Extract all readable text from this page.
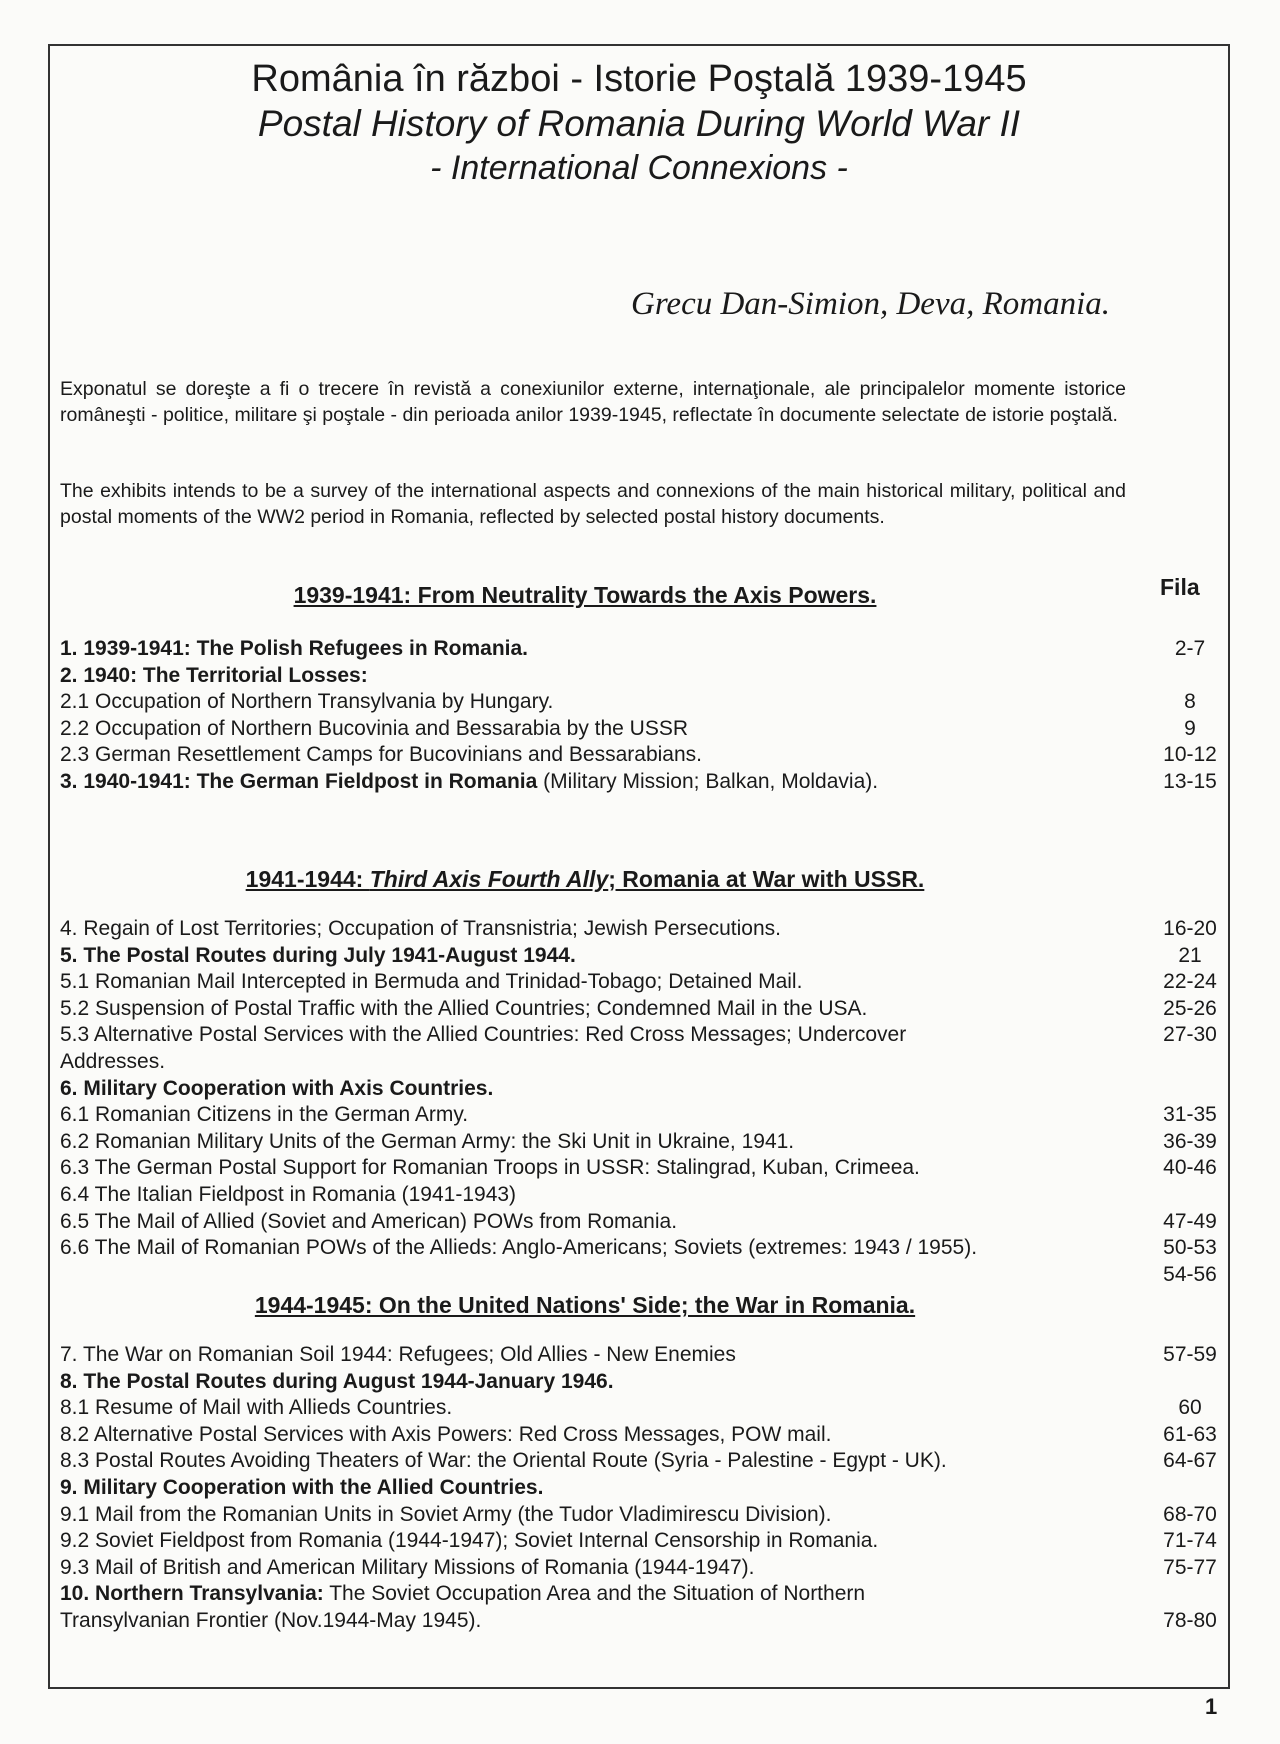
România în război - Istorie Poştală 1939-1945
Postal History of Romania During World War II
- International Connexions -
Grecu Dan-Simion, Deva, Romania.
Exponatul se doreşte a fi o trecere în revistă a conexiunilor externe, internaţionale, ale principalelor momente istorice româneşti - politice, militare şi poştale - din perioada anilor 1939-1945, reflectate în documente selectate de istorie poştală.
The exhibits intends to be a survey of the international aspects and connexions of the main historical military, political and postal moments of the WW2 period in Romania, reflected by selected postal history documents.
1939-1941: From Neutrality Towards the Axis Powers.	Fila
1. 1939-1941: The Polish Refugees in Romania.	2-7
2. 1940: The Territorial Losses:
2.1 Occupation of Northern Transylvania by Hungary.	8
2.2 Occupation of Northern Bucovinia and Bessarabia by the USSR	9
2.3 German Resettlement Camps for Bucovinians and Bessarabians.	10-12
3. 1940-1941: The German Fieldpost in Romania (Military Mission; Balkan, Moldavia).	13-15
1941-1944: Third Axis Fourth Ally; Romania at War with USSR.
4. Regain of Lost Territories; Occupation of Transnistria; Jewish Persecutions.	16-20
5. The Postal Routes during July 1941-August 1944.	21
5.1 Romanian Mail Intercepted in Bermuda and Trinidad-Tobago; Detained Mail.	22-24
5.2 Suspension of Postal Traffic with the Allied Countries; Condemned Mail in the USA.	25-26
5.3 Alternative Postal Services with the Allied Countries: Red Cross Messages; Undercover	27-30
Addresses.
6. Military Cooperation with Axis Countries.
6.1 Romanian Citizens in the German Army.	31-35
6.2 Romanian Military Units of the German Army: the Ski Unit in Ukraine, 1941.	36-39
6.3 The German Postal Support for Romanian Troops in USSR: Stalingrad, Kuban, Crimeea.	40-46
6.4 The Italian Fieldpost in Romania (1941-1943)
6.5 The Mail of Allied (Soviet and American) POWs from Romania.	47-49
6.6 The Mail of Romanian POWs of the Allieds: Anglo-Americans; Soviets (extremes: 1943 / 1955).	50-53
54-56
1944-1945: On the United Nations' Side; the War in Romania.
7. The War on Romanian Soil 1944: Refugees; Old Allies - New Enemies	57-59
8. The Postal Routes during August 1944-January 1946.
8.1 Resume of Mail with Allieds Countries.	60
8.2 Alternative Postal Services with Axis Powers: Red Cross Messages, POW mail.	61-63
8.3 Postal Routes Avoiding Theaters of War: the Oriental Route (Syria - Palestine - Egypt - UK).	64-67
9. Military Cooperation with the Allied Countries.
9.1 Mail from the Romanian Units in Soviet Army (the Tudor Vladimirescu Division).	68-70
9.2 Soviet Fieldpost from Romania (1944-1947); Soviet Internal Censorship in Romania.	71-74
9.3 Mail of British and American Military Missions of Romania (1944-1947).	75-77
10. Northern Transylvania: The Soviet Occupation Area and the Situation of Northern
Transylvanian Frontier (Nov.1944-May 1945).	78-80
1
